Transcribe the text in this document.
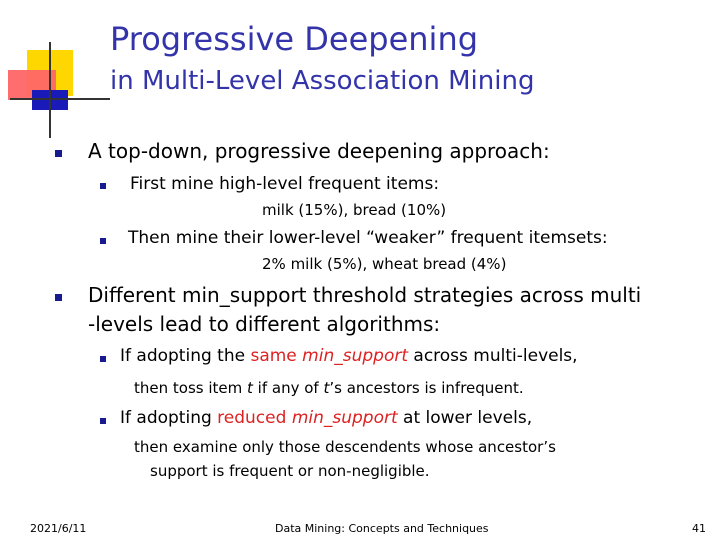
Progressive Deepening
in Multi-Level Association Mining
A top-down, progressive deepening approach:
First mine high-level frequent items:
milk (15%), bread (10%)
Then mine their lower-level “weaker” frequent itemsets:
2% milk (5%), wheat bread (4%)
Different min_support threshold strategies across multi
-levels lead to different algorithms:
If adopting the same min_support across multi-levels,
then toss item t if any of t’s ancestors is infrequent.
If adopting reduced min_support at lower levels,
then examine only those descendents whose ancestor’s
support is frequent or non-negligible.
2021/6/11	Data Mining: Concepts and Techniques	41
